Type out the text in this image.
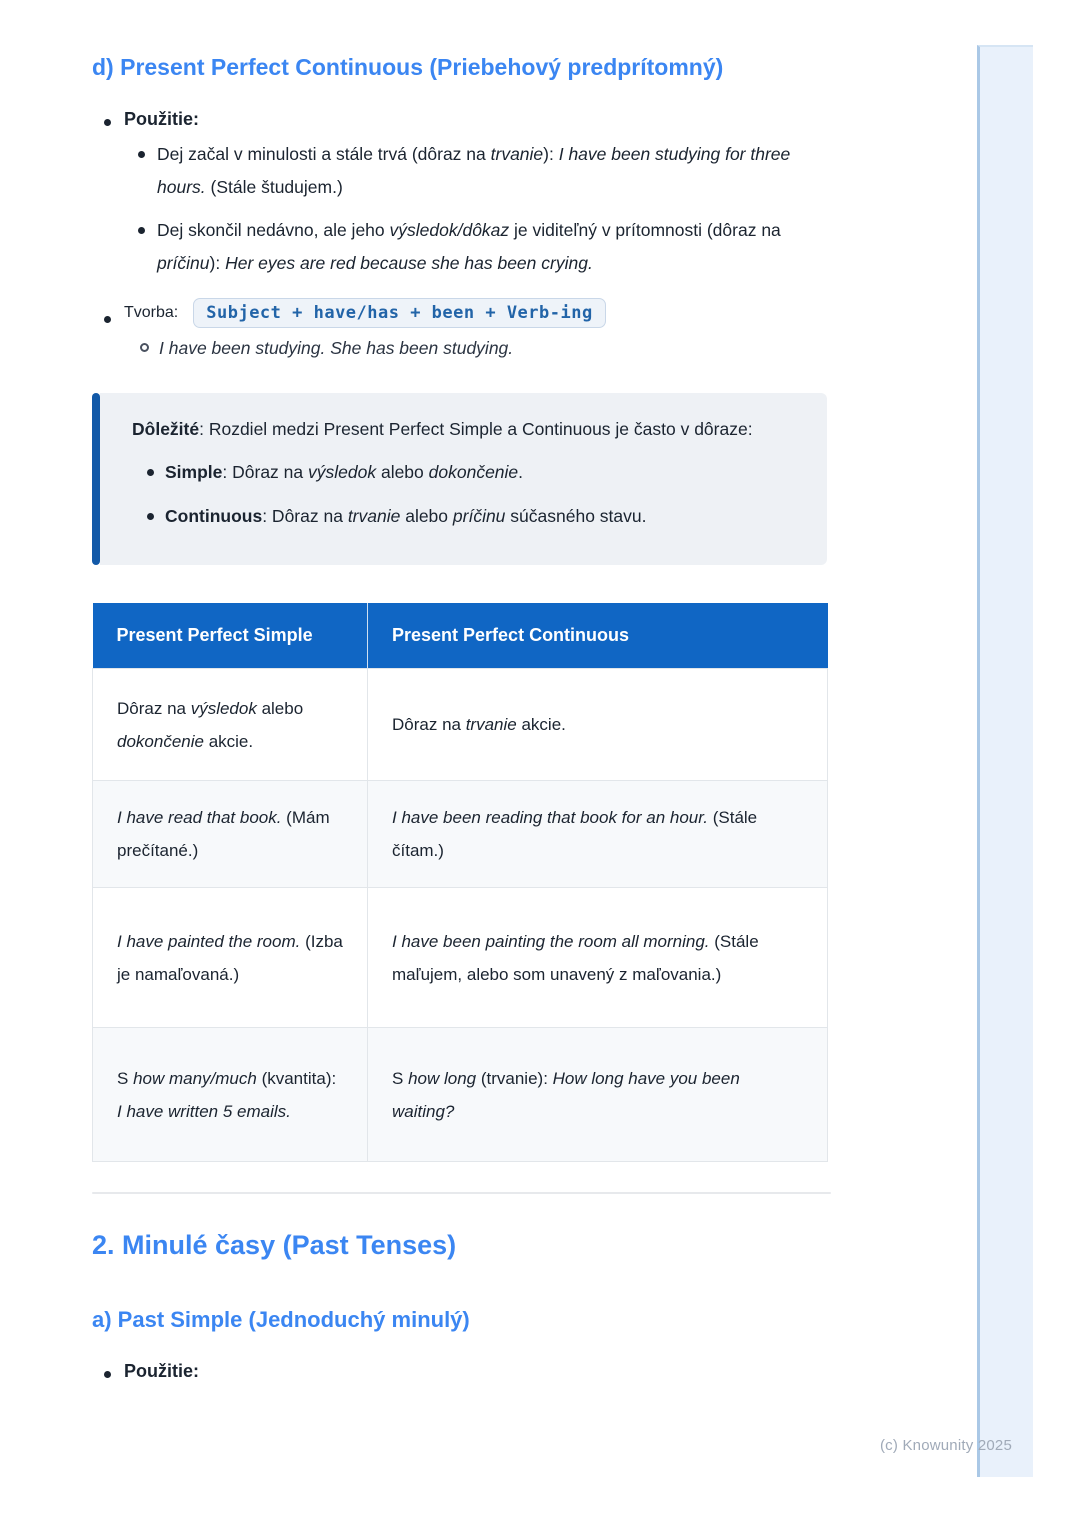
(c) Knowunity 2025
d) Present Perfect Continuous (Priebehový predprítomný)
Použitie:
Dej začal v minulosti a stále trvá (dôraz na trvanie): I have been studying for three hours. (Stále študujem.)
Dej skončil nedávno, ale jeho výsledok/dôkaz je viditeľný v prítomnosti (dôraz na príčinu): Her eyes are red because she has been crying.
Tvorba:	Subject + have/has + been + Verb-ing
I have been studying. She has been studying.
Dôležité: Rozdiel medzi Present Perfect Simple a Continuous je často v dôraze:
Simple: Dôraz na výsledok alebo dokončenie.
Continuous: Dôraz na trvanie alebo príčinu súčasného stavu.
Present Perfect Simple	Present Perfect Continuous
Dôraz na výsledok alebo dokončenie akcie.	Dôraz na trvanie akcie.
I have read that book. (Mám prečítané.)	I have been reading that book for an hour. (Stále čítam.)
I have painted the room. (Izba je namaľovaná.)	I have been painting the room all morning. (Stále maľujem, alebo som unavený z maľovania.)
S how many/much (kvantita): I have written 5 emails.	S how long (trvanie): How long have you been waiting?
2. Minulé časy (Past Tenses)
a) Past Simple (Jednoduchý minulý)
Použitie:
